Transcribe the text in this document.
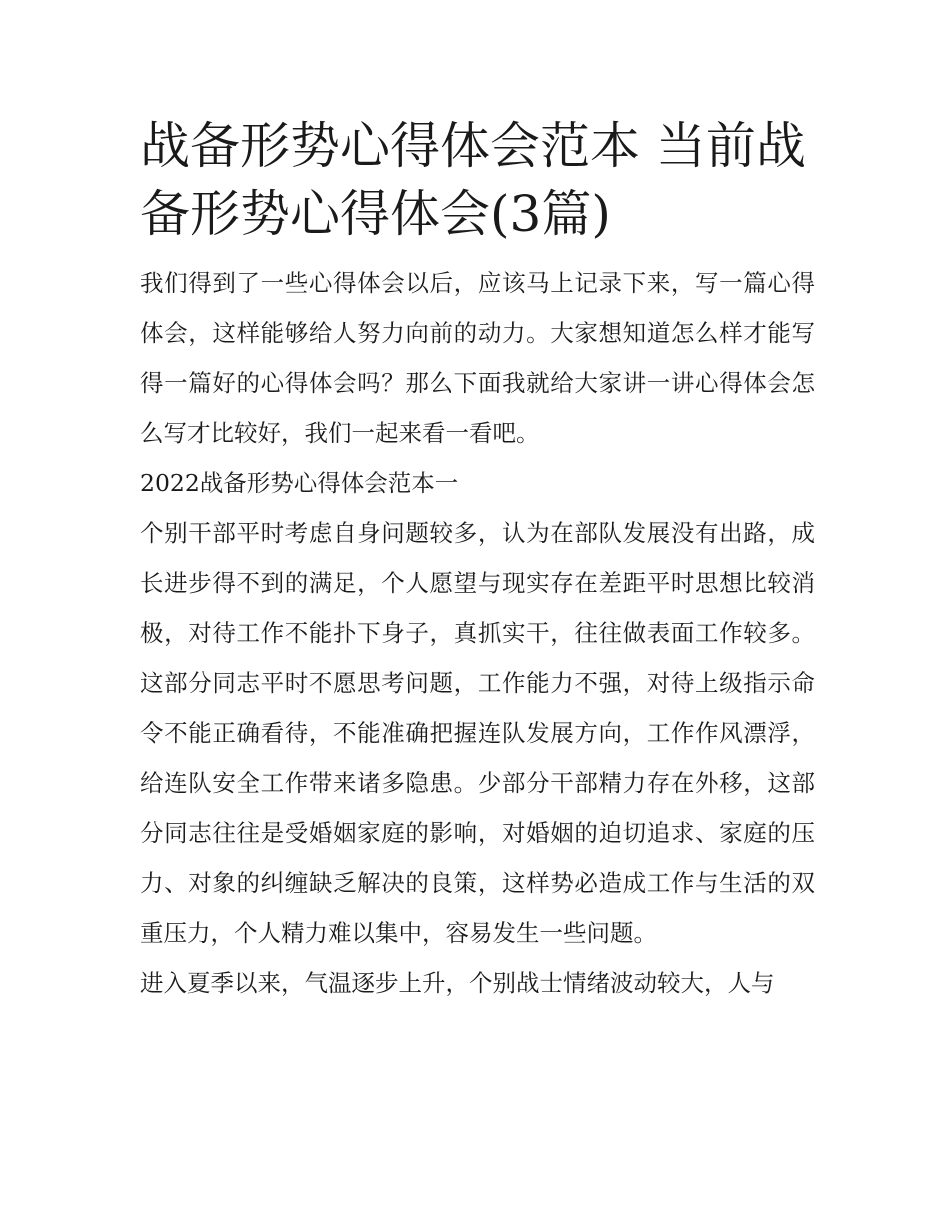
战备形势心得体会范本 当前战备形势心得体会(3篇)

我们得到了一些心得体会以后，应该马上记录下来，写一篇心得体会，这样能够给人努力向前的动力。大家想知道怎么样才能写得一篇好的心得体会吗？那么下面我就给大家讲一讲心得体会怎么写才比较好，我们一起来看一看吧。

2022战备形势心得体会范本一

个别干部平时考虑自身问题较多，认为在部队发展没有出路，成长进步得不到的满足，个人愿望与现实存在差距平时思想比较消极，对待工作不能扑下身子，真抓实干，往往做表面工作较多。这部分同志平时不愿思考问题，工作能力不强，对待上级指示命令不能正确看待，不能准确把握连队发展方向，工作作风漂浮，给连队安全工作带来诸多隐患。少部分干部精力存在外移，这部分同志往往是受婚姻家庭的影响，对婚姻的迫切追求、家庭的压力、对象的纠缠缺乏解决的良策，这样势必造成工作与生活的双重压力，个人精力难以集中，容易发生一些问题。

进入夏季以来，气温逐步上升，个别战士情绪波动较大，人与
